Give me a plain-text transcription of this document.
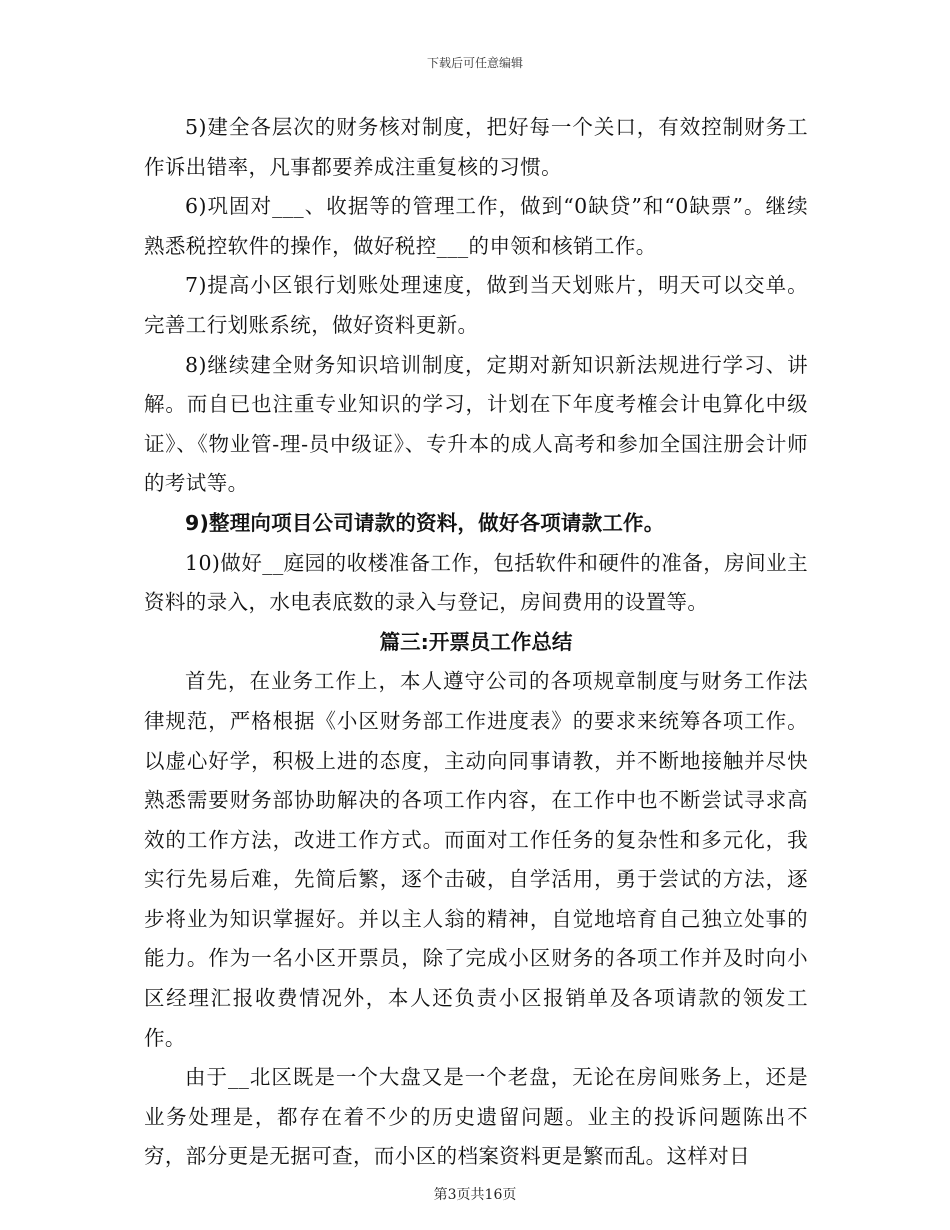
下载后可任意编辑

5)建全各层次的财务核对制度，把好每一个关口，有效控制财务工作诉出错率，凡事都要养成注重复核的习惯。

6)巩固对___、收据等的管理工作，做到“0缺贷”和“0缺票”。继续熟悉税控软件的操作，做好税控___的申领和核销工作。

7)提高小区银行划账处理速度，做到当天划账片，明天可以交单。完善工行划账系统，做好资料更新。

8)继续建全财务知识培训制度，定期对新知识新法规进行学习、讲解。而自已也注重专业知识的学习，计划在下年度考榷会计电算化中级证》、《物业管-理-员中级证》、专升本的成人高考和参加全国注册会计师的考试等。

9)整理向项目公司请款的资料，做好各项请款工作。

10)做好__庭园的收楼准备工作，包括软件和硬件的准备，房间业主资料的录入，水电表底数的录入与登记，房间费用的设置等。

篇三:开票员工作总结

首先，在业务工作上，本人遵守公司的各项规章制度与财务工作法律规范，严格根据《小区财务部工作进度表》的要求来统筹各项工作。以虚心好学，积极上进的态度，主动向同事请教，并不断地接触并尽快熟悉需要财务部协助解决的各项工作内容，在工作中也不断尝试寻求高效的工作方法，改进工作方式。而面对工作任务的复杂性和多元化，我实行先易后难，先简后繁，逐个击破，自学活用，勇于尝试的方法，逐步将业为知识掌握好。并以主人翁的精神，自觉地培育自己独立处事的能力。作为一名小区开票员，除了完成小区财务的各项工作并及时向小区经理汇报收费情况外，本人还负责小区报销单及各项请款的领发工作。

由于__北区既是一个大盘又是一个老盘，无论在房间账务上，还是业务处理是，都存在着不少的历史遗留问题。业主的投诉问题陈出不穷，部分更是无据可查，而小区的档案资料更是繁而乱。这样对日

第3页共16页
